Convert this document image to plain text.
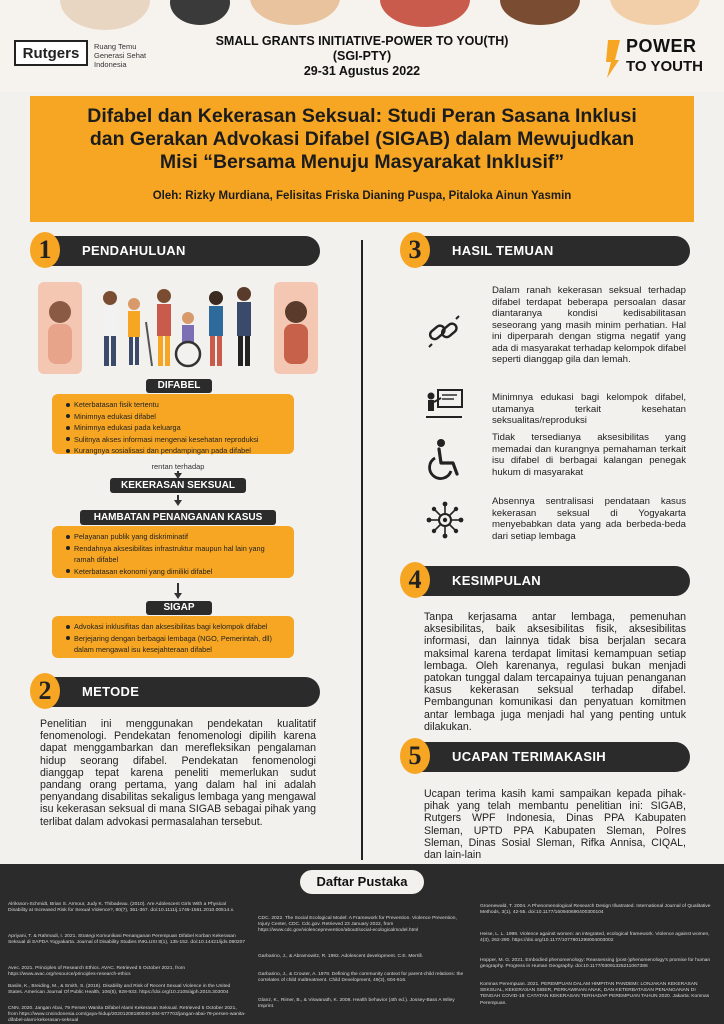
Rutgers	Ruang Temu
Generasi Sehat
Indonesia
SMALL GRANTS INITIATIVE-POWER TO YOU(TH)
(SGI-PTY)
29-31 Agustus 2022
POWER
TO YOUTH
Difabel dan Kekerasan Seksual: Studi Peran Sasana Inklusi
dan Gerakan Advokasi Difabel (SIGAB) dalam Mewujudkan
Misi “Bersama Menuju Masyarakat Inklusif”
Oleh: Rizky Murdiana, Felisitas Friska Dianing Puspa, Pitaloka Ainun Yasmin
1	PENDAHULUAN
2	METODE
3	HASIL TEMUAN
4	KESIMPULAN
5	UCAPAN TERIMAKASIH
DIFABEL
Keterbatasan fisik tertentu
Minimnya edukasi difabel
Minimnya edukasi pada keluarga
Sulitnya akses informasi mengenai kesehatan reproduksi
Kurangnya sosialisasi dan pendampingan pada difabel
rentan terhadap
KEKERASAN SEKSUAL
HAMBATAN PENANGANAN KASUS
Pelayanan publik yang diskriminatif
Rendahnya aksesibilitas infrastruktur maupun hal lain yang ramah difabel
Keterbatasan ekonomi yang dimiliki difabel
SIGAP
Advokasi inklusifitas dan aksesibilitas bagi kelompok difabel
Berjejaring dengan berbagai lembaga (NGO, Pemerintah, dll) dalam mengawal isu kesejahteraan difabel
Penelitian ini menggunakan pendekatan kualitatif fenomenologi. Pendekatan fenomenologi dipilih karena dapat menggambarkan dan merefleksikan pengalaman hidup seorang difabel. Pendekatan fenomenologi dianggap tepat karena peneliti memerlukan sudut pandang orang pertama, yang dalam hal ini adalah penyandang disabilitas sekaligus lembaga yang mengawal isu kekerasan seksual di mana SIGAB sebagai pihak yang terlibat dalam advokasi permasalahan tersebut.
Dalam ranah kekerasan seksual terhadap difabel terdapat beberapa persoalan dasar diantaranya kondisi kedisabilitasan seseorang yang masih minim perhatian. Hal ini diperparah dengan stigma negatif yang ada di masyarakat terhadap kelompok difabel seperti dianggap gila dan lemah.
Minimnya edukasi bagi kelompok difabel, utamanya terkait kesehatan seksualitas/reproduksi
Tidak tersedianya aksesibilitas yang memadai dan kurangnya pemahaman terkait isu difabel di berbagai kalangan penegak hukum di masyarakat
Absennya sentralisasi pendataan kasus kekerasan seksual di Yogyakarta menyebabkan data yang ada berbeda-beda dari setiap lembaga
Tanpa kerjasama antar lembaga, pemenuhan aksesibilitas, baik aksesibilitas fisik, aksesibilitas informasi, dan lainnya tidak bisa berjalan secara maksimal karena terdapat limitasi kemampuan setiap lembaga. Oleh karenanya, regulasi bukan menjadi patokan tunggal dalam tercapainya tujuan penanganan kasus kekerasan seksual terhadap difabel. Pembangunan komunikasi dan penyatuan komitmen antar lembaga juga menjadi hal yang penting untuk dilakukan.
Ucapan terima kasih kami sampaikan kepada pihak-pihak yang telah membantu penelitian ini: SIGAB, Rutgers WPF Indonesia, Dinas PPA Kabupaten Sleman, UPTD PPA Kabupaten Sleman, Polres Sleman, Dinas Sosial Sleman, Rifka Annisa, CIQAL, dan lain-lain
Daftar Pustaka
Alriksson-Schmidt, Brian S. Armour, Judy K. Thibadeau. (2010). Are Adolescent Girls With a Physical Disability at Increased Risk for Sexual Violence?, 80(7), 361-367. doi:10.1111/j.1746-1561.2010.00514.x.
Apriyani, T. & Rahmadi, I. 2021. Strategi Komunikasi Penanganan Perempuan Difabel Korban Kekerasan Seksual di SAPDA Yogyakarta. Journal of Disability Studies INKLUSI 8(1), 135-152. doi:10.14421/ijds.080207
Avec. 2021. Principles of Research Ethics. AVAC. Retrieved 5 October 2021, from https://www.avac.org/resource/principles-research-ethics
Basile, K., Breiding, M., & Smith, S. (2016). Disability and Risk of Recent Sexual Violence in the United States. American Journal Of Public Health, 106(5), 928-933. https://doi.org/10.2105/ajph.2015.303004
CNN. 2020. Jangan Abai, 79 Persen Wanita Difabel Alami Kekerasan Seksual. Retrieved 5 October 2021, from https://www.cnnindonesia.com/gaya-hidup/20201208180040-284-577703/jangan-abai-79-persen-wanita-difabel-alami-kekerasan-seksual
CDC. 2022. The Social Ecological Model: A Framework for Prevention. Violence Prevention, Injury Center, CDC. Cdc.gov. Retrieved 23 January 2022, from https://www.cdc.gov/violenceprevention/about/social-ecologicalmodel.html
Garbarino, J., & Abramowitz, R. 1992. Adolescent development. C.E. Merrill.
Garbarino, J., & Crouter, A. 1978. Defining the community context for parent-child relations: the correlates of child maltreatment. Child Development, 49(3), 604-616.
Glanz, K., Rimer, B., & Viswanath, K. 2008. Health behavior (4th ed.). Jossey-Bass A Wiley Imprint.
Groenewald, T. 2004. A Phenomenological Research Design Illustrated. International Journal of Qualitative Methods, 3(1), 42-55. doi:10.1177/160940690400300104
Heise, L. L. 1998. Violence against women: an integrated, ecological framework. Violence against women, 4(3), 262-290. https://doi.org/10.1177/1077801298004003002
Hopper, M. G. 2021. Embodied phenomenology: Reassessing (post-)phenomenology's promise for human geography. Progress in Human Geography. doi:10.1177/03091325211067386
Komnas Perempuan. 2021. PEREMPUAN DALAM HIMPITAN PANDEMI: LONJAKAN KEKERASAN SEKSUAL, KEKERASAN SIBER, PERKAWINAN ANAK, DAN KETERBATASAN PENANGANAN DI TENGAH COVID-19: CATATAN KEKERASAN TERHADAP PEREMPUAN TAHUN 2020. Jakarta: Komnas Perempuan.
